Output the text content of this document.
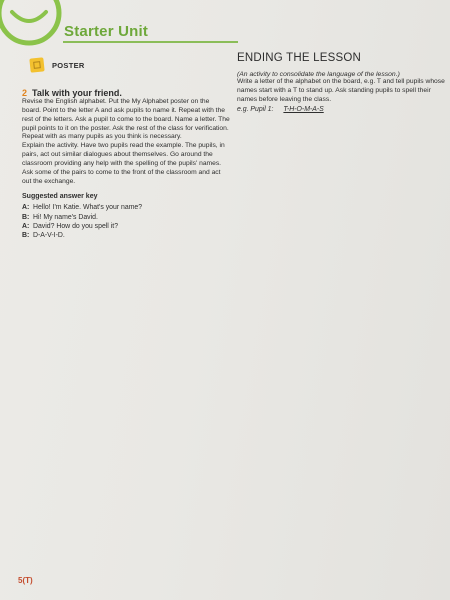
Starter Unit
POSTER
2 Talk with your friend.

Revise the English alphabet. Put the My Alphabet poster on the board. Point to the letter A and ask pupils to name it. Repeat with the rest of the letters. Ask a pupil to come to the board. Name a letter. The pupil points to it on the poster. Ask the rest of the class for verification. Repeat with as many pupils as you think is necessary.

Explain the activity. Have two pupils read the example. The pupils, in pairs, act out similar dialogues about themselves. Go around the classroom providing any help with the spelling of the pupils' names. Ask some of the pairs to come to the front of the classroom and act out the exchange.

Suggested answer key
A: Hello! I'm Katie. What's your name?
B: Hi! My name's David.
A: David? How do you spell it?
B: D-A-V-I-D.
ENDING THE LESSON
(An activity to consolidate the language of the lesson.)

Write a letter of the alphabet on the board, e.g. T and tell pupils whose names start with a T to stand up. Ask standing pupils to spell their names before leaving the class.

e.g. Pupil 1: T-H-O-M-A-S
5(T)
